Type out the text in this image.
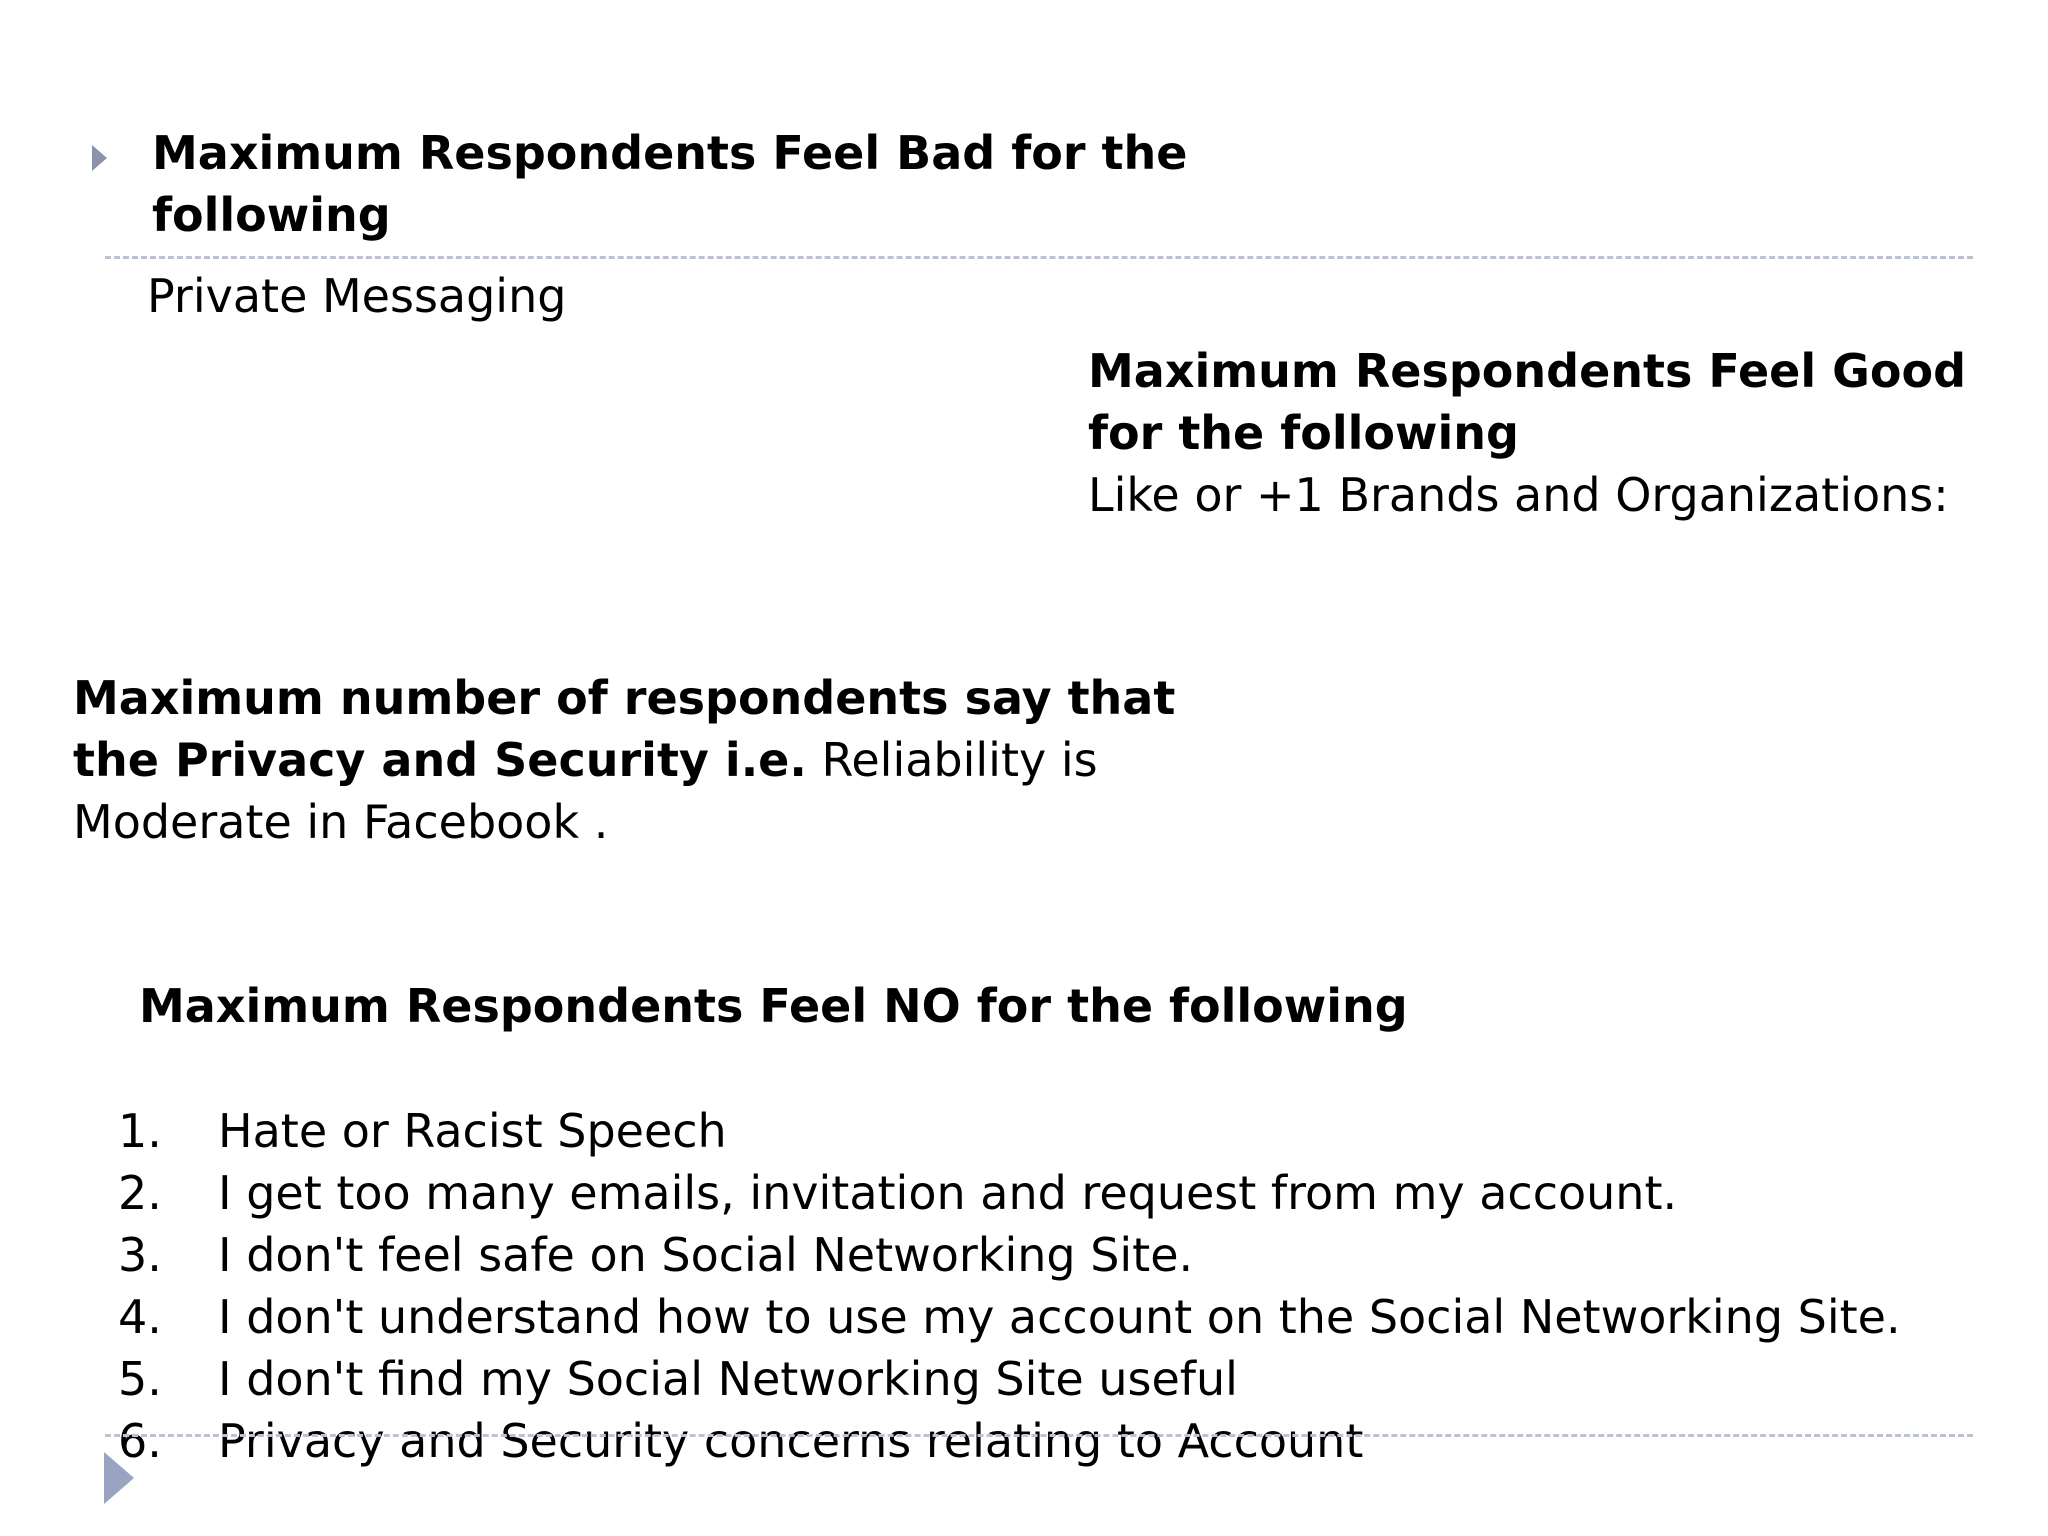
Maximum Respondents Feel Bad for the
following
Private Messaging
Maximum Respondents Feel Good
for the following
Like or +1 Brands and Organizations:
Maximum number of respondents say that
the Privacy and Security i.e. Reliability is
Moderate in Facebook .
Maximum Respondents Feel NO for the following
1. Hate or Racist Speech
2. I get too many emails, invitation and request from my account.
3. I don't feel safe on Social Networking Site.
4. I don't understand how to use my account on the Social Networking Site.
5. I don't find my Social Networking Site useful
6. Privacy and Security concerns relating to Account
